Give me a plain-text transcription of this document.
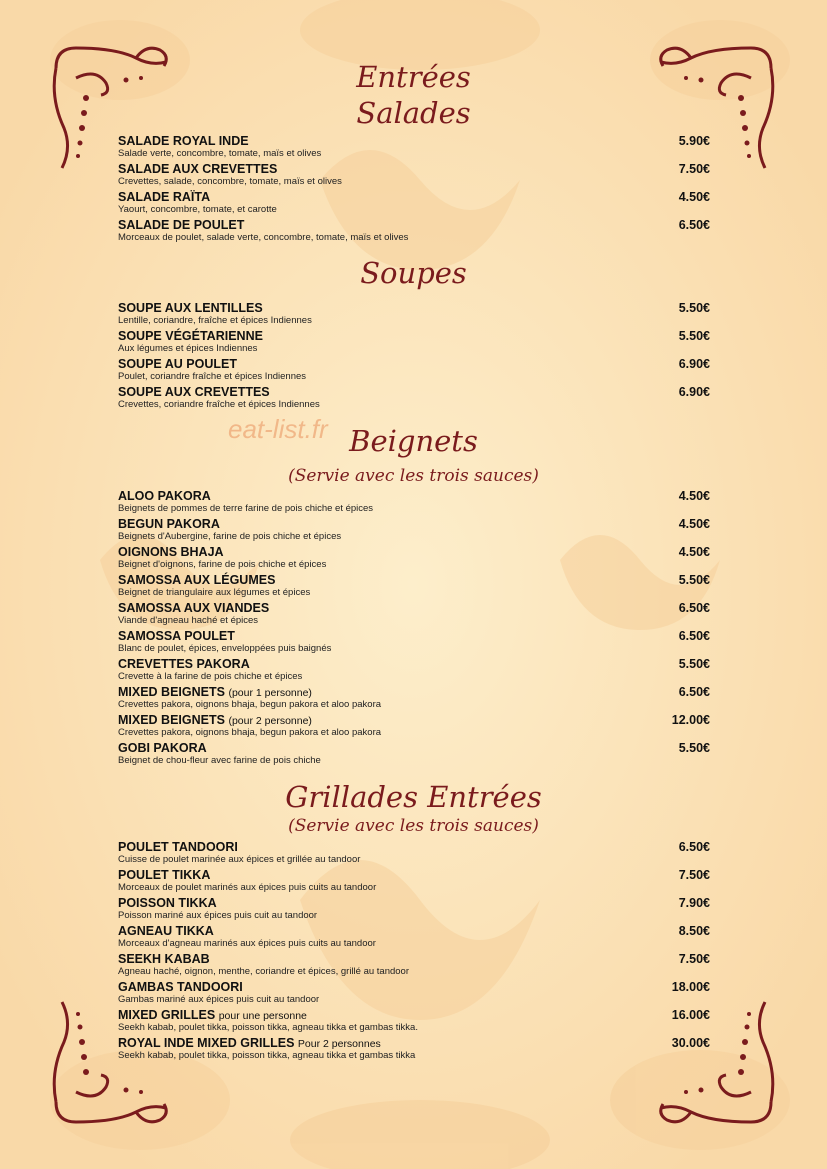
eat-list.fr
Entrées
Salades
SALADE ROYAL INDE	5.90€
Salade verte, concombre, tomate, maïs et olives
SALADE AUX CREVETTES	7.50€
Crevettes, salade, concombre, tomate, maïs et olives
SALADE RAÏTA	4.50€
Yaourt, concombre, tomate, et carotte
SALADE DE POULET	6.50€
Morceaux de poulet, salade verte, concombre, tomate, maïs et olives
Soupes
SOUPE AUX LENTILLES	5.50€
Lentille, coriandre, fraîche et épices Indiennes
SOUPE VÉGÉTARIENNE	5.50€
Aux légumes et épices Indiennes
SOUPE AU POULET	6.90€
Poulet, coriandre fraîche et épices Indiennes
SOUPE AUX CREVETTES	6.90€
Crevettes, coriandre fraîche et épices Indiennes
Beignets
(Servie avec les trois sauces)
ALOO PAKORA	4.50€
Beignets de pommes de terre farine de pois chiche et épices
BEGUN PAKORA	4.50€
Beignets d'Aubergine, farine de pois chiche et épices
OIGNONS BHAJA	4.50€
Beignet d'oignons, farine de pois chiche et épices
SAMOSSA AUX LÉGUMES	5.50€
Beignet de triangulaire aux légumes et épices
SAMOSSA AUX VIANDES	6.50€
Viande d'agneau haché et épices
SAMOSSA POULET	6.50€
Blanc de poulet, épices, enveloppées puis baignés
CREVETTES PAKORA	5.50€
Crevette à la farine de pois chiche et épices
MIXED BEIGNETS (pour 1 personne)	6.50€
Crevettes pakora, oignons bhaja, begun pakora et aloo pakora
MIXED BEIGNETS (pour 2 personne)	12.00€
Crevettes pakora, oignons bhaja, begun pakora et aloo pakora
GOBI PAKORA	5.50€
Beignet de chou-fleur avec farine de pois chiche
Grillades Entrées
(Servie avec les trois sauces)
POULET TANDOORI	6.50€
Cuisse de poulet marinée aux épices et grillée au tandoor
POULET TIKKA	7.50€
Morceaux de poulet marinés aux épices puis cuits au tandoor
POISSON TIKKA	7.90€
Poisson mariné aux épices puis cuit au tandoor
AGNEAU TIKKA	8.50€
Morceaux d'agneau marinés aux épices puis cuits au tandoor
SEEKH KABAB	7.50€
Agneau haché, oignon, menthe, coriandre et épices, grillé au tandoor
GAMBAS TANDOORI	18.00€
Gambas mariné aux épices puis cuit au tandoor
MIXED GRILLES pour une personne	16.00€
Seekh kabab, poulet tikka, poisson tikka, agneau tikka et gambas tikka.
ROYAL INDE MIXED GRILLES Pour 2 personnes	30.00€
Seekh kabab, poulet tikka, poisson tikka, agneau tikka et gambas tikka
